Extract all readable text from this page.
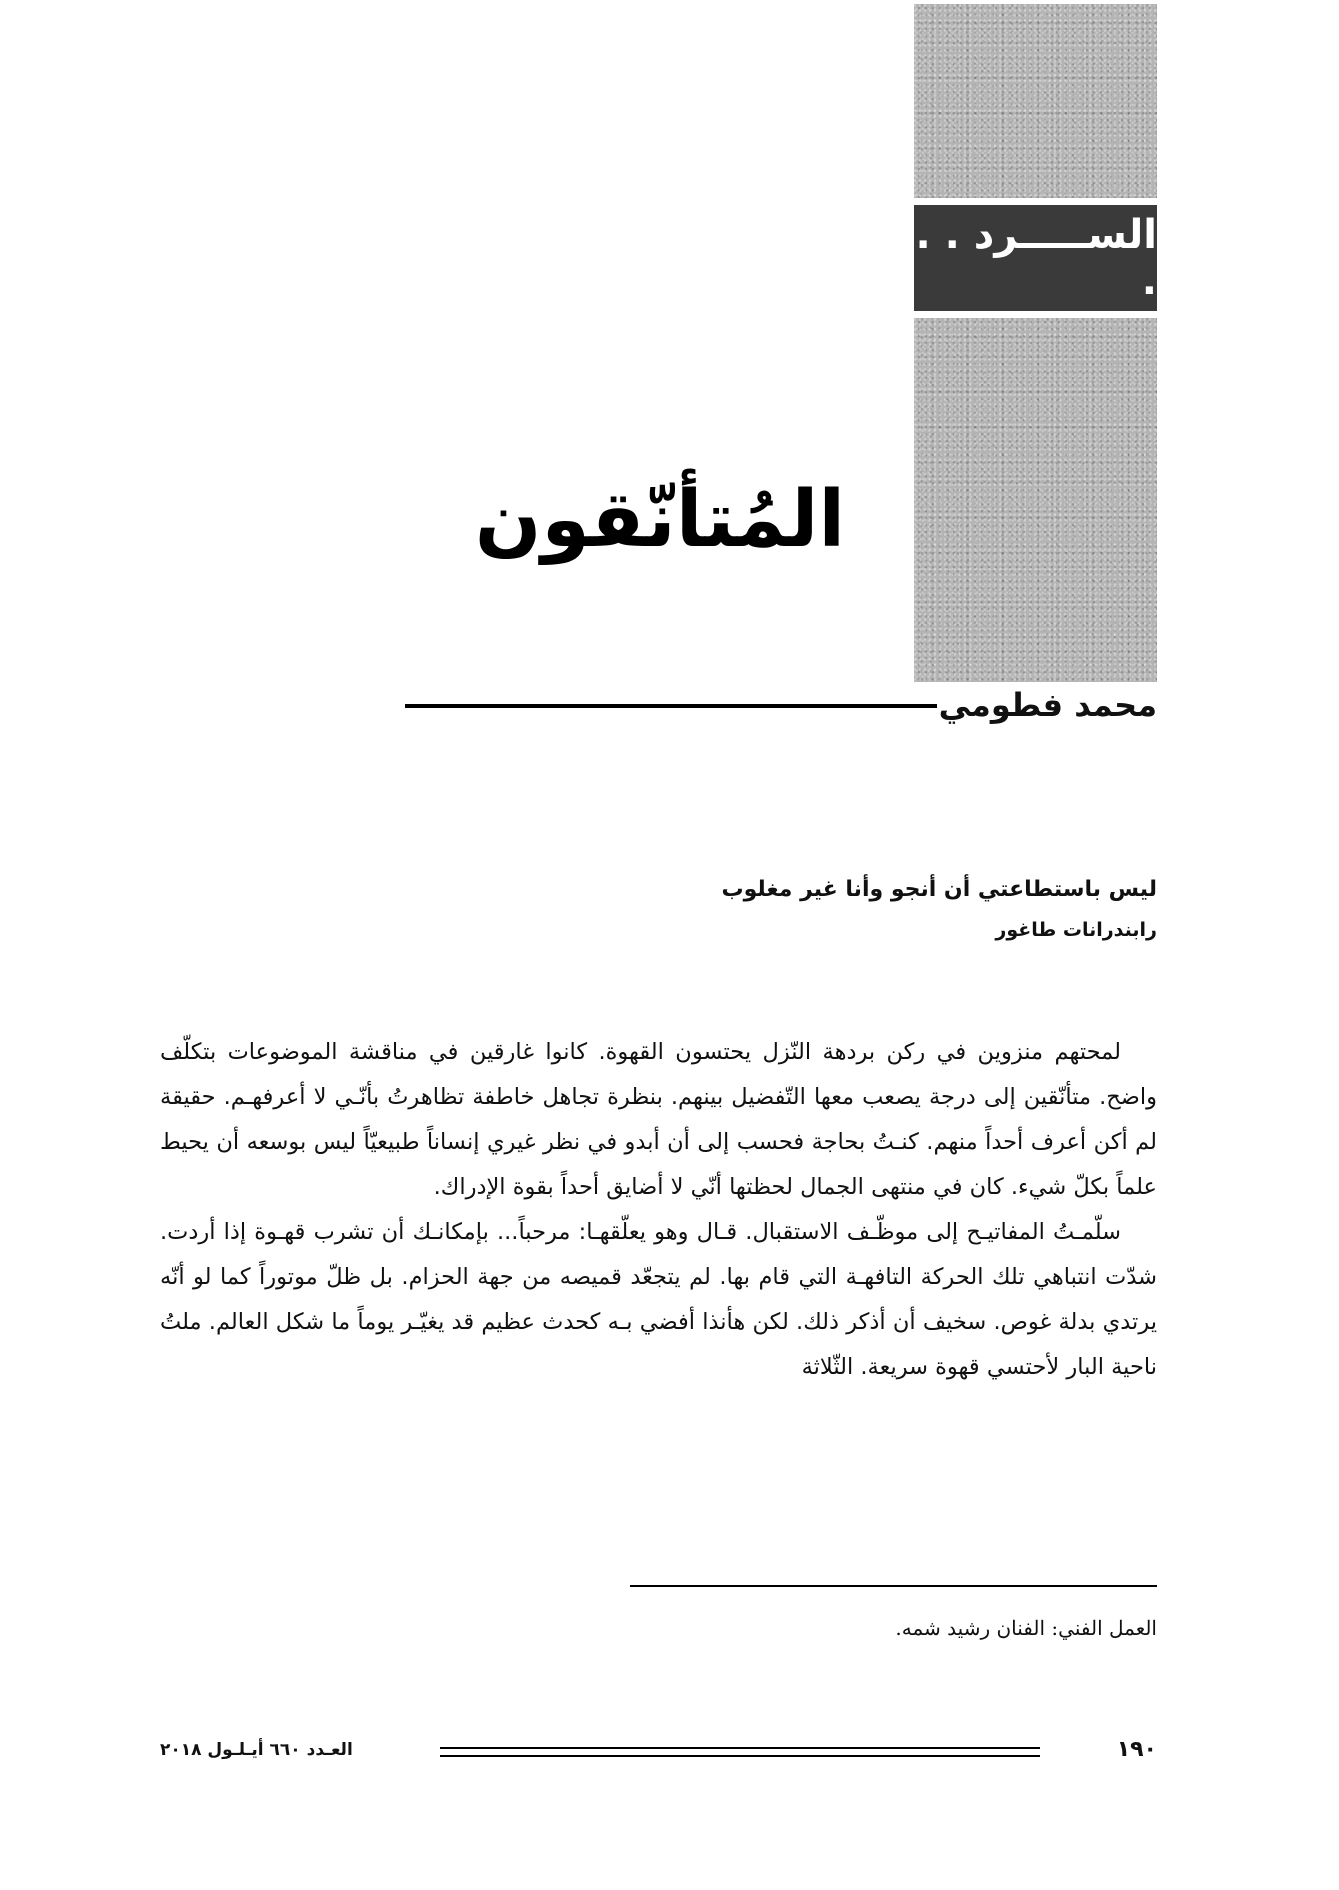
الســـــرد . . .
المُتأنّقون
محمد فطومي
ليس باستطاعتي أن أنجو وأنا غير مغلوب
رابندرانات طاغور

لمحتهم منزوين في ركن بردهة النّزل يحتسون القهوة. كانوا غارقين في مناقشة الموضوعات بتكلّف واضح. متأنّقين إلى درجة يصعب معها التّفضيل بينهم. بنظرة تجاهل خاطفة تظاهرتُ بأنّـي لا أعرفهـم. حقيقة لم أكن أعرف أحداً منهم. كنـتُ بحاجة فحسب إلى أن أبدو في نظر غيري إنساناً طبيعيّاً ليس بوسعه أن يحيط علماً بكلّ شيء. كان في منتهى الجمال لحظتها أنّي لا أضايق أحداً بقوة الإدراك.

سلّمـتُ المفاتيـح إلى موظّـف الاستقبال. قـال وهو يعلّقهـا: مرحباً... بإمكانـك أن تشرب قهـوة إذا أردت. شدّت انتباهي تلك الحركة التافهـة التي قام بها. لم يتجعّد قميصه من جهة الحزام. بل ظلّ موتوراً كما لو أنّه يرتدي بدلة غوص. سخيف أن أذكر ذلك. لكن هأنذا أفضي بـه كحدث عظيم قد يغيّـر يوماً ما شكل العالم. ملتُ ناحية البار لأحتسي قهوة سريعة. الثّلاثة

العمل الفني: الفنان رشيد شمه.
١٩٠
العـدد ٦٦٠ أيـلـول ٢٠١٨
